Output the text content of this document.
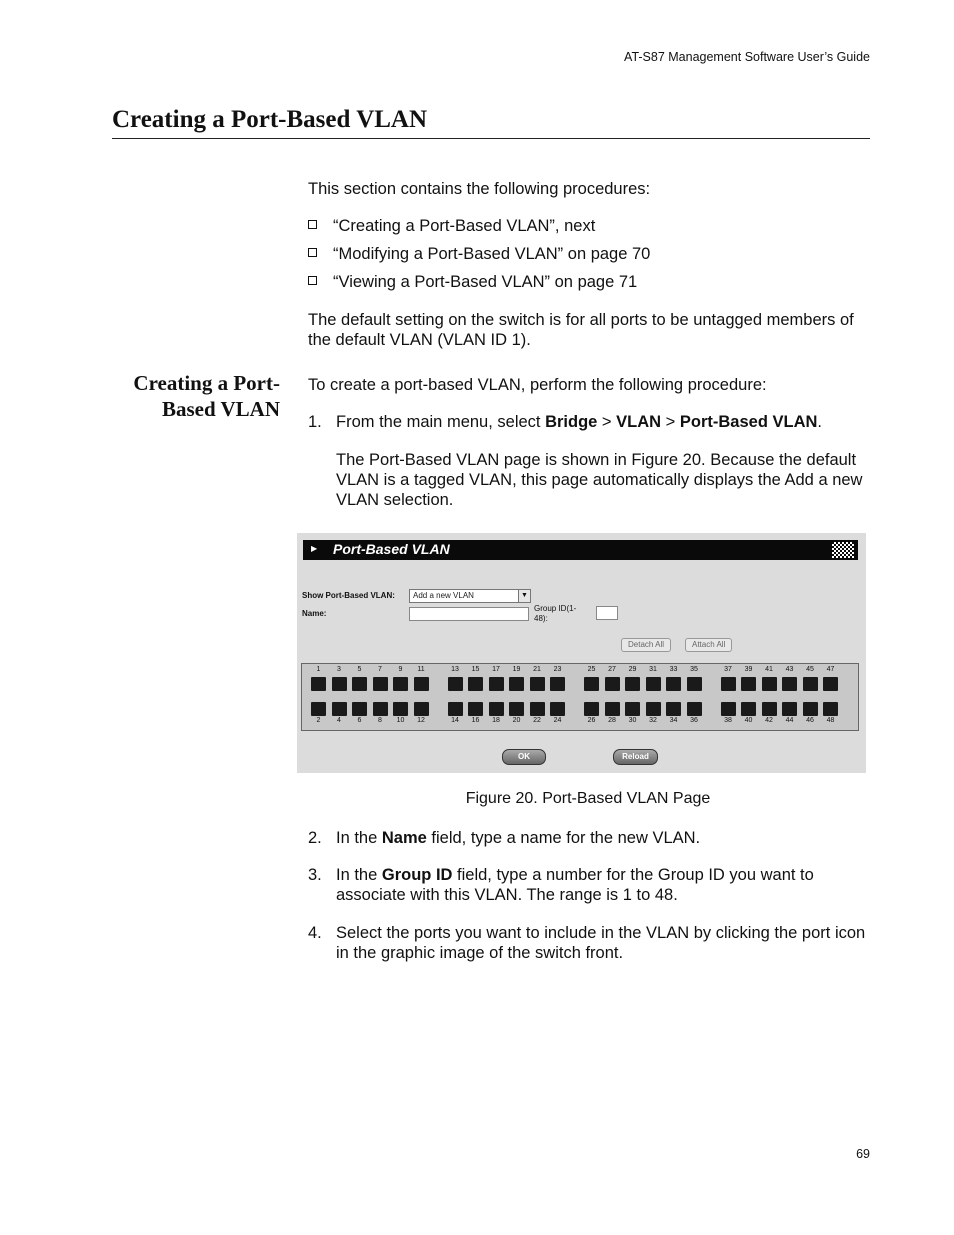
AT-S87 Management Software User’s Guide
Creating a Port-Based VLAN

This section contains the following procedures:

“Creating a Port-Based VLAN”, next
“Modifying a Port-Based VLAN” on page 70
“Viewing a Port-Based VLAN” on page 71

The default setting on the switch is for all ports to be untagged members of the default VLAN (VLAN ID 1).

Creating a Port-
Based VLAN

To create a port-based VLAN, perform the following procedure:

1. From the main menu, select Bridge > VLAN > Port-Based VLAN.
The Port-Based VLAN page is shown in Figure 20. Because the default VLAN is a tagged VLAN, this page automatically displays the Add a new VLAN selection.
▶ Port-Based VLAN
Show Port-Based VLAN:	Add a new VLAN	▼
Name:
Group ID(1-
48):
Detach All	Attach All
1
2
3
4
5
6
7
8
9
10
11
12
13
14
15
16
17
18
19
20
21
22
23
24
25
26
27
28
29
30
31
32
33
34
35
36
37
38
39
40
41
42
43
44
45
46
47
48
OK	Reload
Figure 20. Port-Based VLAN Page
2. In the Name field, type a name for the new VLAN.
3. In the Group ID field, type a number for the Group ID you want to associate with this VLAN. The range is 1 to 48.
4. Select the ports you want to include in the VLAN by clicking the port icon in the graphic image of the switch front.
69
